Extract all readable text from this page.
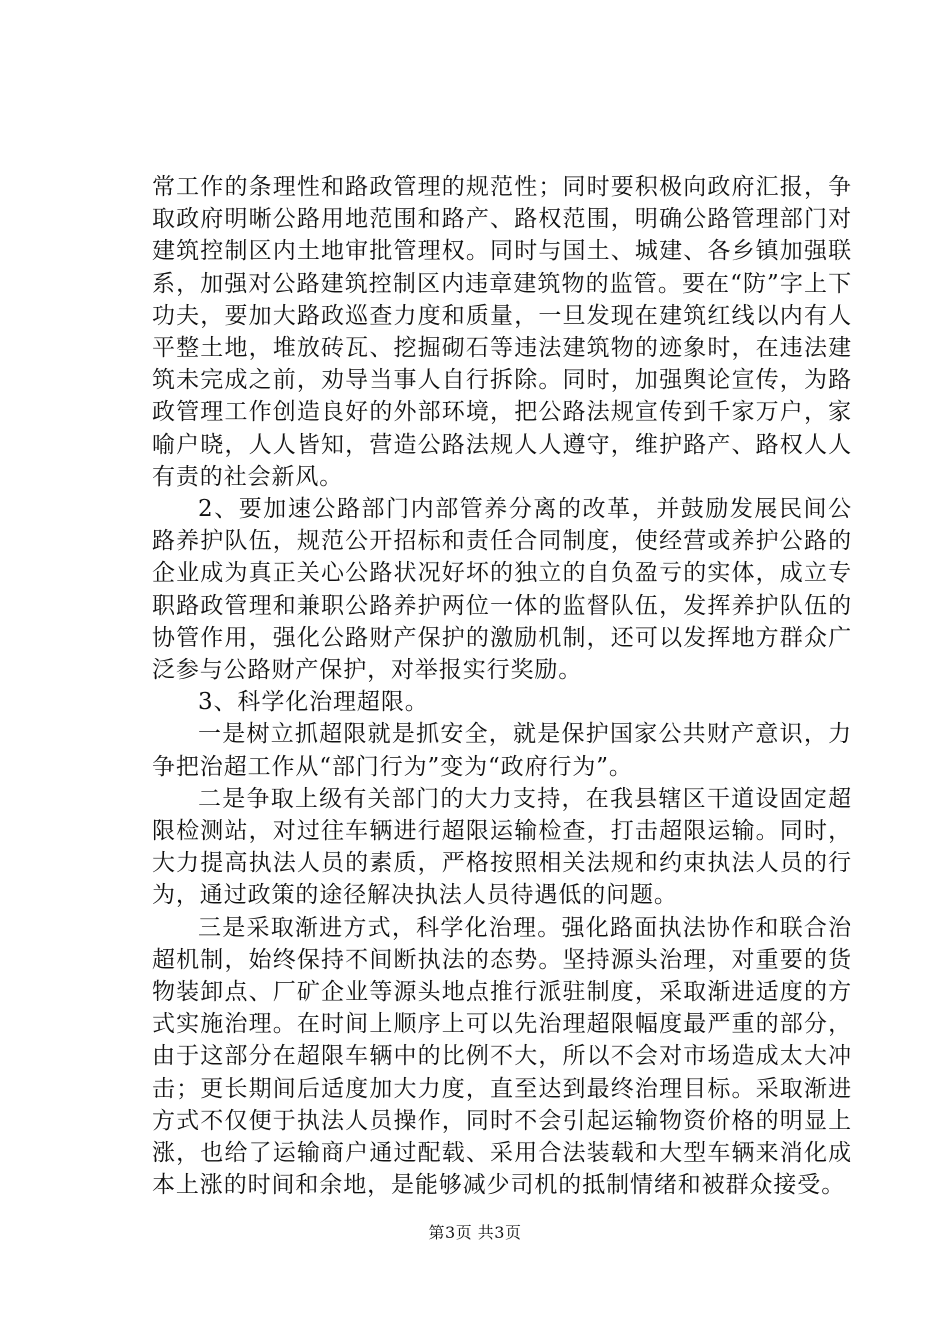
常工作的条理性和路政管理的规范性；同时要积极向政府汇报，争取政府明晰公路用地范围和路产、路权范围，明确公路管理部门对建筑控制区内土地审批管理权。同时与国土、城建、各乡镇加强联系，加强对公路建筑控制区内违章建筑物的监管。要在“防”字上下功夫，要加大路政巡查力度和质量，一旦发现在建筑红线以内有人平整土地，堆放砖瓦、挖掘砌石等违法建筑物的迹象时，在违法建筑未完成之前，劝导当事人自行拆除。同时，加强舆论宣传，为路政管理工作创造良好的外部环境，把公路法规宣传到千家万户，家喻户晓，人人皆知，营造公路法规人人遵守，维护路产、路权人人有责的社会新风。

2、要加速公路部门内部管养分离的改革，并鼓励发展民间公路养护队伍，规范公开招标和责任合同制度，使经营或养护公路的企业成为真正关心公路状况好坏的独立的自负盈亏的实体，成立专职路政管理和兼职公路养护两位一体的监督队伍，发挥养护队伍的协管作用，强化公路财产保护的激励机制，还可以发挥地方群众广泛参与公路财产保护，对举报实行奖励。

3、科学化治理超限。

一是树立抓超限就是抓安全，就是保护国家公共财产意识，力争把治超工作从“部门行为”变为“政府行为”。

二是争取上级有关部门的大力支持，在我县辖区干道设固定超限检测站，对过往车辆进行超限运输检查，打击超限运输。同时，大力提高执法人员的素质，严格按照相关法规和约束执法人员的行为，通过政策的途径解决执法人员待遇低的问题。

三是采取渐进方式，科学化治理。强化路面执法协作和联合治超机制，始终保持不间断执法的态势。坚持源头治理，对重要的货物装卸点、厂矿企业等源头地点推行派驻制度，采取渐进适度的方式实施治理。在时间上顺序上可以先治理超限幅度最严重的部分，由于这部分在超限车辆中的比例不大，所以不会对市场造成太大冲击；更长期间后适度加大力度，直至达到最终治理目标。采取渐进方式不仅便于执法人员操作，同时不会引起运输物资价格的明显上涨，也给了运输商户通过配载、采用合法装载和大型车辆来消化成本上涨的时间和余地，是能够减少司机的抵制情绪和被群众接受。

第3页 共3页
